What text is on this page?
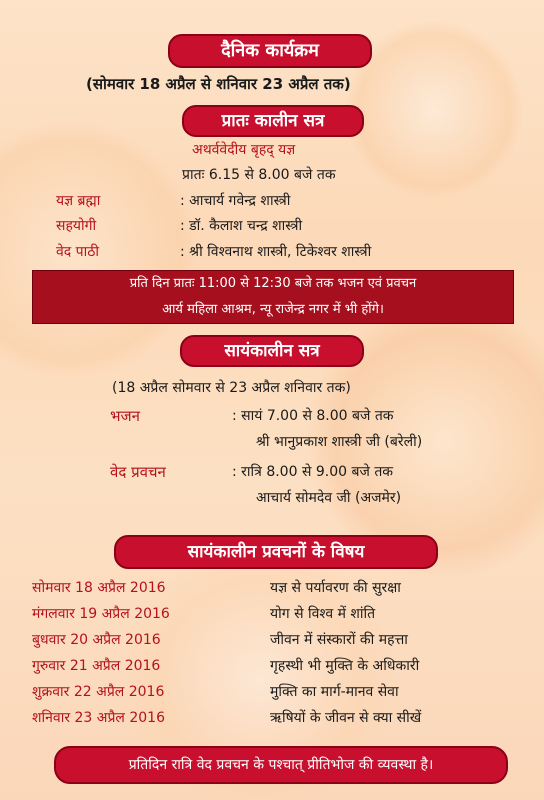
दैनिक कार्यक्रम
(सोमवार 18 अप्रैल से शनिवार 23 अप्रैल तक)
प्रातः कालीन सत्र
अथर्ववेदीय बृहद् यज्ञ
प्रातः 6.15 से 8.00 बजे तक
यज्ञ ब्रह्मा	: आचार्य गवेन्द्र शास्त्री
सहयोगी	: डॉ. कैलाश चन्द्र शास्त्री
वेद पाठी	: श्री विश्वनाथ शास्त्री, टिकेश्वर शास्त्री
प्रति दिन प्रातः 11:00 से 12:30 बजे तक भजन एवं प्रवचन
आर्य महिला आश्रम, न्यू राजेन्द्र नगर में भी होंगे।
सायंकालीन सत्र
(18 अप्रैल सोमवार से 23 अप्रैल शनिवार तक)
भजन	: सायं 7.00 से 8.00 बजे तक
श्री भानुप्रकाश शास्त्री जी (बरेली)
वेद प्रवचन	: रात्रि 8.00 से 9.00 बजे तक
आचार्य सोमदेव जी (अजमेर)
सायंकालीन प्रवचनों के विषय
सोमवार 18 अप्रैल 2016	यज्ञ से पर्यावरण की सुरक्षा
मंगलवार 19 अप्रैल 2016	योग से विश्व में शांति
बुधवार 20 अप्रैल 2016	जीवन में संस्कारों की महत्ता
गुरुवार 21 अप्रैल 2016	गृहस्थी भी मुक्ति के अधिकारी
शुक्रवार 22 अप्रैल 2016	मुक्ति का मार्ग-मानव सेवा
शनिवार 23 अप्रैल 2016	ऋषियों के जीवन से क्या सीखें
प्रतिदिन रात्रि वेद प्रवचन के पश्चात् प्रीतिभोज की व्यवस्था है।
